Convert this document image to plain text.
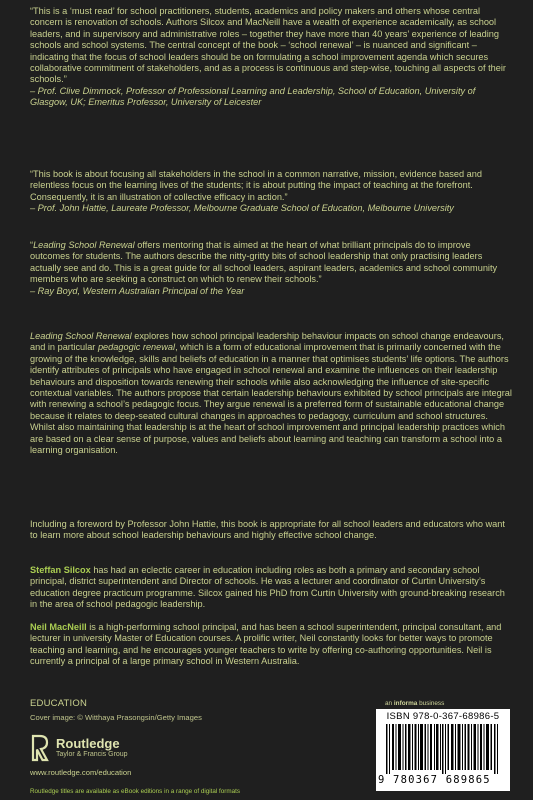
“This is a ‘must read’ for school practitioners, students, academics and policy makers and others whose central concern is renovation of schools. Authors Silcox and MacNeill have a wealth of experience academically, as school leaders, and in supervisory and administrative roles – together they have more than 40 years’ experience of leading schools and school systems. The central concept of the book – ‘school renewal’ – is nuanced and significant – indicating that the focus of school leaders should be on formulating a school improvement agenda which secures collaborative commitment of stakeholders, and as a process is continuous and step-wise, touching all aspects of their schools.”
– Prof. Clive Dimmock, Professor of Professional Learning and Leadership, School of Education, University of Glasgow, UK; Emeritus Professor, University of Leicester

“This book is about focusing all stakeholders in the school in a common narrative, mission, evidence based and relentless focus on the learning lives of the students; it is about putting the impact of teaching at the forefront. Consequently, it is an illustration of collective efficacy in action.”
– Prof. John Hattie, Laureate Professor, Melbourne Graduate School of Education, Melbourne University

“Leading School Renewal offers mentoring that is aimed at the heart of what brilliant principals do to improve outcomes for students. The authors describe the nitty-gritty bits of school leadership that only practising leaders actually see and do. This is a great guide for all school leaders, aspirant leaders, academics and school community members who are seeking a construct on which to renew their schools.”
– Ray Boyd, Western Australian Principal of the Year

Leading School Renewal explores how school principal leadership behaviour impacts on school change endeavours, and in particular pedagogic renewal, which is a form of educational improvement that is primarily concerned with the growing of the knowledge, skills and beliefs of education in a manner that optimises students’ life options. The authors identify attributes of principals who have engaged in school renewal and examine the influences on their leadership behaviours and disposition towards renewing their schools while also acknowledging the influence of site-specific contextual variables. The authors propose that certain leadership behaviours exhibited by school principals are integral with renewing a school’s pedagogic focus. They argue renewal is a preferred form of sustainable educational change because it relates to deep-seated cultural changes in approaches to pedagogy, curriculum and school structures. Whilst also maintaining that leadership is at the heart of school improvement and principal leadership practices which are based on a clear sense of purpose, values and beliefs about learning and teaching can transform a school into a learning organisation.

Including a foreword by Professor John Hattie, this book is appropriate for all school leaders and educators who want to learn more about school leadership behaviours and highly effective school change.

Steffan Silcox has had an eclectic career in education including roles as both a primary and secondary school principal, district superintendent and Director of schools. He was a lecturer and coordinator of Curtin University’s education degree practicum programme. Silcox gained his PhD from Curtin University with ground-breaking research in the area of school pedagogic leadership.

Neil MacNeill is a high-performing school principal, and has been a school superintendent, principal consultant, and lecturer in university Master of Education courses. A prolific writer, Neil constantly looks for better ways to promote teaching and learning, and he encourages younger teachers to write by offering co-authoring opportunities. Neil is currently a principal of a large primary school in Western Australia.

EDUCATION
Cover image: © Witthaya Prasongsin/Getty Images
Routledge
Taylor & Francis Group
www.routledge.com/education
Routledge titles are available as eBook editions in a range of digital formats
an informa business
ISBN 978-0-367-68986-5
9 780367 689865
